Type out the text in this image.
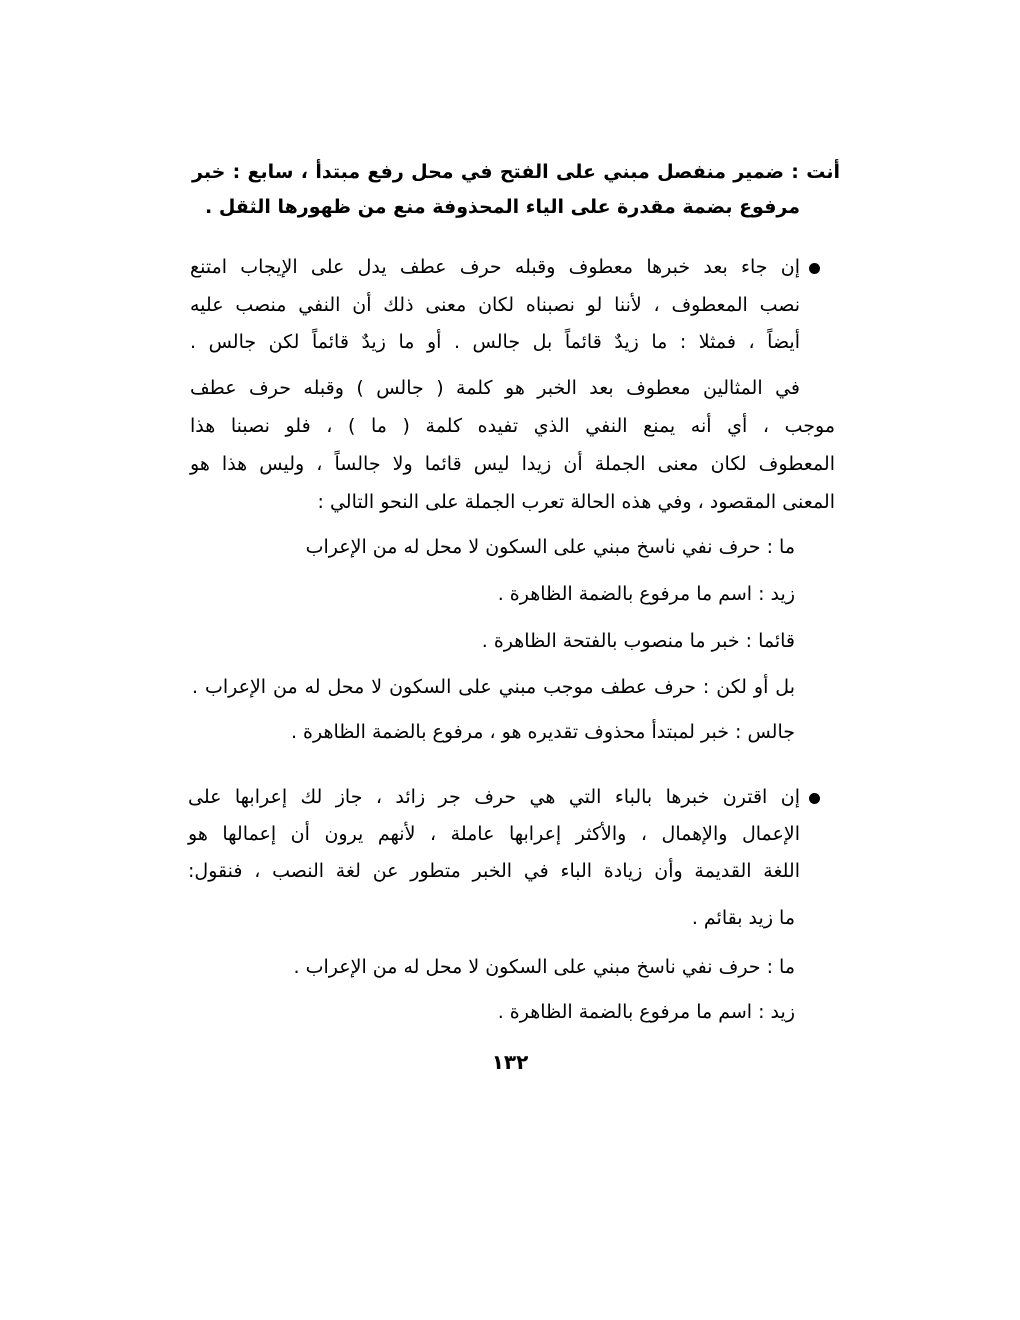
أنت : ضمير منفصل مبني على الفتح في محل رفع مبتدأ ، سابع : خبر
مرفوع بضمة مقدرة على الياء المحذوفة منع من ظهورها الثقل .
إن جاء بعد خبرها معطوف وقبله حرف عطف يدل على الإيجاب امتنع
نصب المعطوف ، لأننا لو نصبناه لكان معنى ذلك أن النفي منصب عليه
أيضاً ، فمثلا : ما زيدٌ قائماً بل جالس . أو ما زيدٌ قائماً لكن جالس .
في المثالين معطوف بعد الخبر هو كلمة ( جالس ) وقبله حرف عطف
موجب ، أي أنه يمنع النفي الذي تفيده كلمة ( ما ) ، فلو نصبنا هذا
المعطوف لكان معنى الجملة أن زيدا ليس قائما ولا جالساً ، وليس هذا هو
المعنى المقصود ، وفي هذه الحالة تعرب الجملة على النحو التالي :
ما : حرف نفي ناسخ مبني على السكون لا محل له من الإعراب
زيد : اسم ما مرفوع بالضمة الظاهرة .
قائما : خبر ما منصوب بالفتحة الظاهرة .
بل أو لكن : حرف عطف موجب مبني على السكون لا محل له من الإعراب .
جالس : خبر لمبتدأ محذوف تقديره هو ، مرفوع بالضمة الظاهرة .
إن اقترن خبرها بالباء التي هي حرف جر زائد ، جاز لك إعرابها على
الإعمال والإهمال ، والأكثر إعرابها عاملة ، لأنهم يرون أن إعمالها هو
اللغة القديمة وأن زيادة الباء في الخبر متطور عن لغة النصب ، فنقول:
ما زيد بقائم .
ما : حرف نفي ناسخ مبني على السكون لا محل له من الإعراب .
زيد : اسم ما مرفوع بالضمة الظاهرة .
١٣٢
